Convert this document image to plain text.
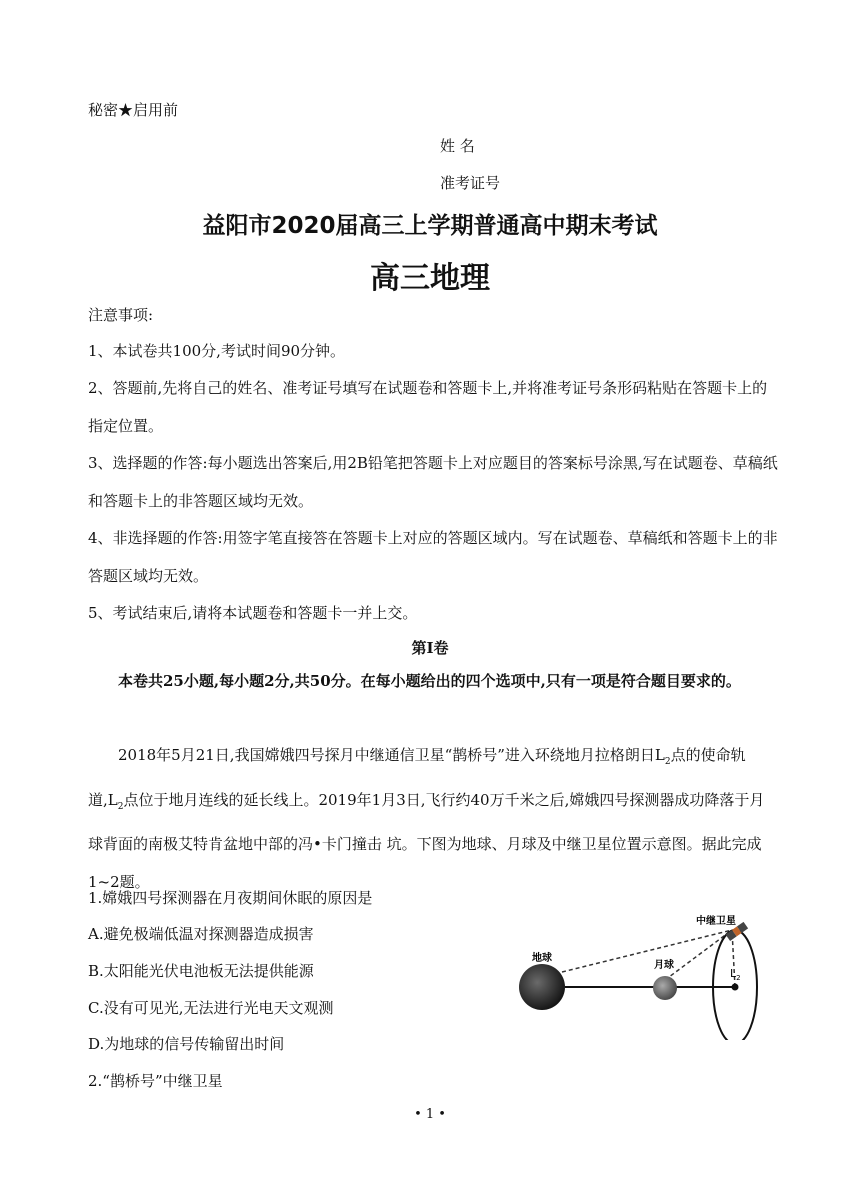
秘密★启用前
姓 名
准考证号
益阳市2020届高三上学期普通高中期末考试
高三地理
注意事项:
1、本试卷共100分,考试时间90分钟。
2、答题前,先将自己的姓名、准考证号填写在试题卷和答题卡上,并将准考证号条形码粘贴在答题卡上的指定位置。
3、选择题的作答:每小题选出答案后,用2B铅笔把答题卡上对应题目的答案标号涂黑,写在试题卷、草稿纸和答题卡上的非答题区域均无效。
4、非选择题的作答:用签字笔直接答在答题卡上对应的答题区域内。写在试题卷、草稿纸和答题卡上的非答题区域均无效。
5、考试结束后,请将本试题卷和答题卡一并上交。
第Ⅰ卷
本卷共25小题,每小题2分,共50分。在每小题给出的四个选项中,只有一项是符合题目要求的。
2018年5月21日,我国嫦娥四号探月中继通信卫星“鹊桥号”进入环绕地月拉格朗日$L_2$点的使命轨道$,L_2$点位于地月连线的延长线上。2019年1月3日,飞行约40万千米之后,嫦娥四号探测器成功降落于月球背面的南极艾特肯盆地中部的冯•卡门撞击 坑。下图为地球、月球及中继卫星位置示意图。据此完成1~2题。
1.嫦娥四号探测器在月夜期间休眠的原因是
A.避免极端低温对探测器造成损害
B.太阳能光伏电池板无法提供能源
C.没有可见光,无法进行光电天文观测
D.为地球的信号传输留出时间
2.“鹊桥号”中继卫星
地球
月球
中继卫星
$L_2$
• 1 •
